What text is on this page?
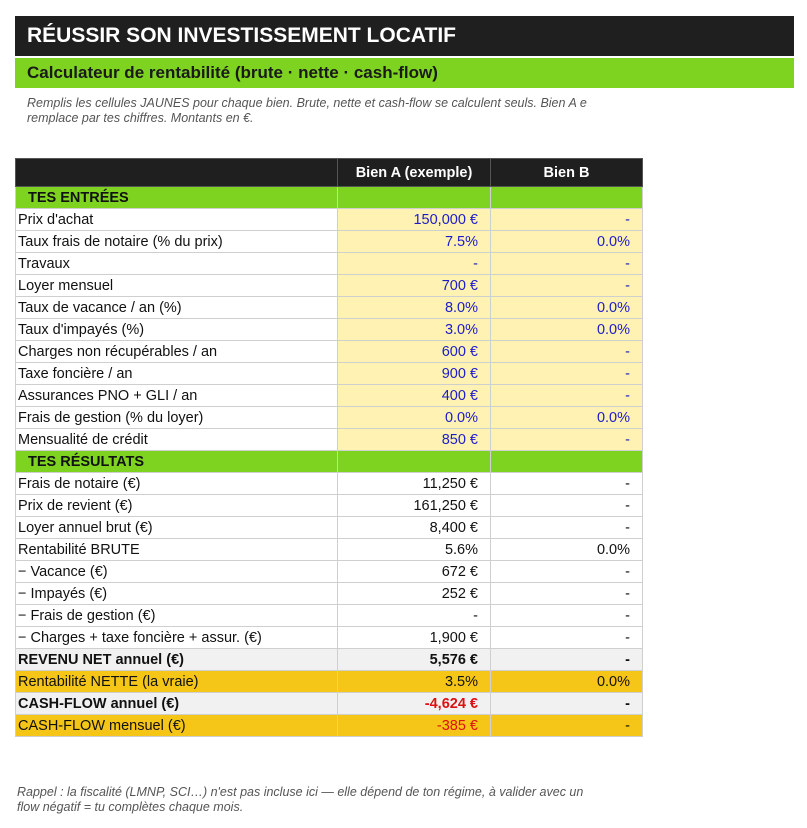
RÉUSSIR SON INVESTISSEMENT LOCATIF
Calculateur de rentabilité (brute · nette · cash-flow)
Remplis les cellules JAUNES pour chaque bien. Brute, nette et cash-flow se calculent seuls. Bien A e
remplace par tes chiffres. Montants en €.
	Bien A (exemple)	Bien B
TES ENTRÉES		
Prix d'achat	150,000 €	-
Taux frais de notaire (% du prix)	7.5%	0.0%
Travaux	-	-
Loyer mensuel	700 €	-
Taux de vacance / an (%)	8.0%	0.0%
Taux d'impayés (%)	3.0%	0.0%
Charges non récupérables / an	600 €	-
Taxe foncière / an	900 €	-
Assurances PNO + GLI / an	400 €	-
Frais de gestion (% du loyer)	0.0%	0.0%
Mensualité de crédit	850 €	-
TES RÉSULTATS		
Frais de notaire (€)	11,250 €	-
Prix de revient (€)	161,250 €	-
Loyer annuel brut (€)	8,400 €	-
Rentabilité BRUTE	5.6%	0.0%
− Vacance (€)	672 €	-
− Impayés (€)	252 €	-
− Frais de gestion (€)	-	-
− Charges + taxe foncière + assur. (€)	1,900 €	-
REVENU NET annuel (€)	5,576 €	-
Rentabilité NETTE (la vraie)	3.5%	0.0%
CASH-FLOW annuel (€)	-4,624 €	-
CASH-FLOW mensuel (€)	-385 €	-
Rappel : la fiscalité (LMNP, SCI…) n'est pas incluse ici — elle dépend de ton régime, à valider avec un
flow négatif = tu complètes chaque mois.
